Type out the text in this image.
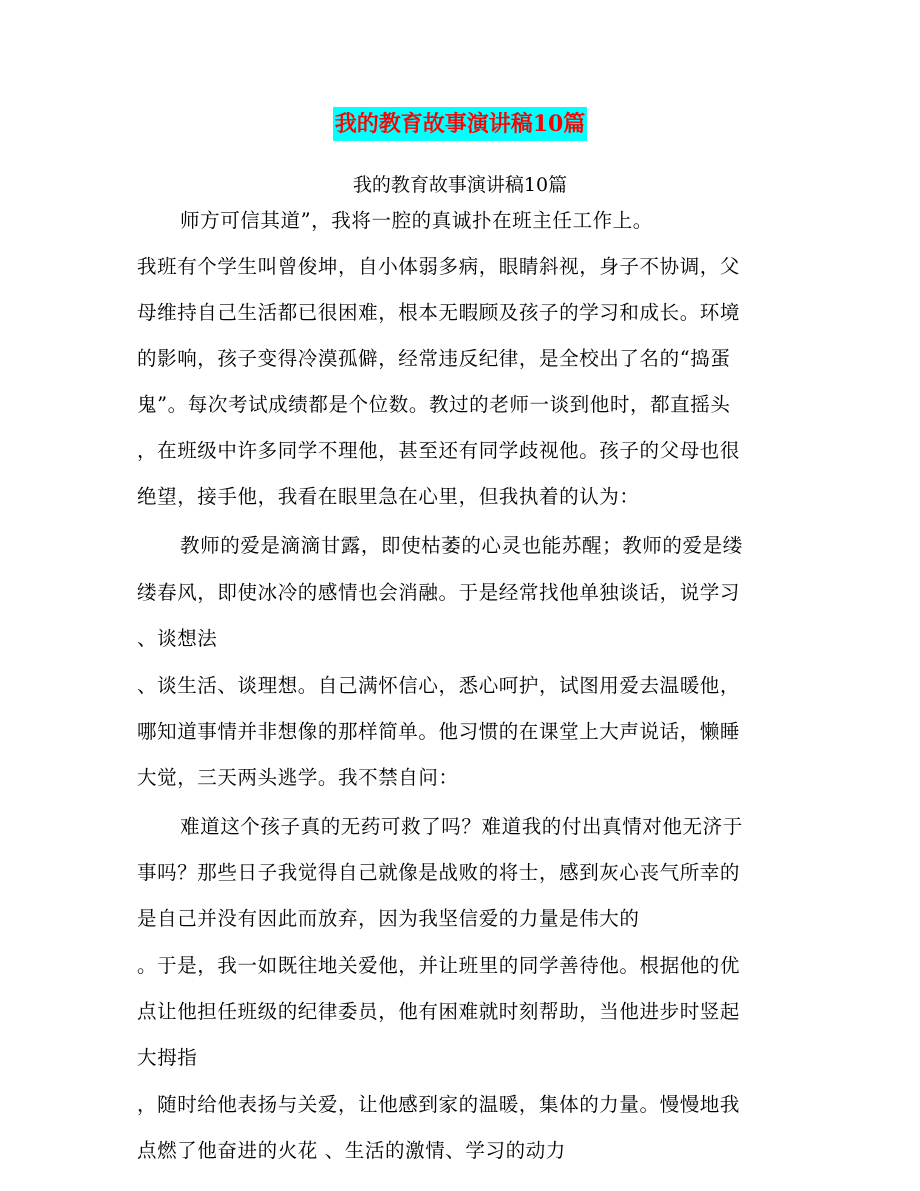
我的教育故事演讲稿10篇
我的教育故事演讲稿10篇
师方可信其道”，我将一腔的真诚扑在班主任工作上。
我班有个学生叫曾俊坤，自小体弱多病，眼睛斜视，身子不协调，父
母维持自己生活都已很困难，根本无暇顾及孩子的学习和成长。环境
的影响，孩子变得冷漠孤僻，经常违反纪律，是全校出了名的“捣蛋
鬼”。每次考试成绩都是个位数。教过的老师一谈到他时，都直摇头
，在班级中许多同学不理他，甚至还有同学歧视他。孩子的父母也很
绝望，接手他，我看在眼里急在心里，但我执着的认为：
教师的爱是滴滴甘露，即使枯萎的心灵也能苏醒；教师的爱是缕
缕春风，即使冰冷的感情也会消融。于是经常找他单独谈话，说学习
、谈想法
、谈生活、谈理想。自己满怀信心，悉心呵护，试图用爱去温暖他，
哪知道事情并非想像的那样简单。他习惯的在课堂上大声说话，懒睡
大觉，三天两头逃学。我不禁自问：
难道这个孩子真的无药可救了吗？难道我的付出真情对他无济于
事吗？那些日子我觉得自己就像是战败的将士，感到灰心丧气所幸的
是自己并没有因此而放弃，因为我坚信爱的力量是伟大的
。于是，我一如既往地关爱他，并让班里的同学善待他。根据他的优
点让他担任班级的纪律委员，他有困难就时刻帮助，当他进步时竖起
大拇指
，随时给他表扬与关爱，让他感到家的温暖，集体的力量。慢慢地我
点燃了他奋进的火花 、生活的激情、学习的动力
